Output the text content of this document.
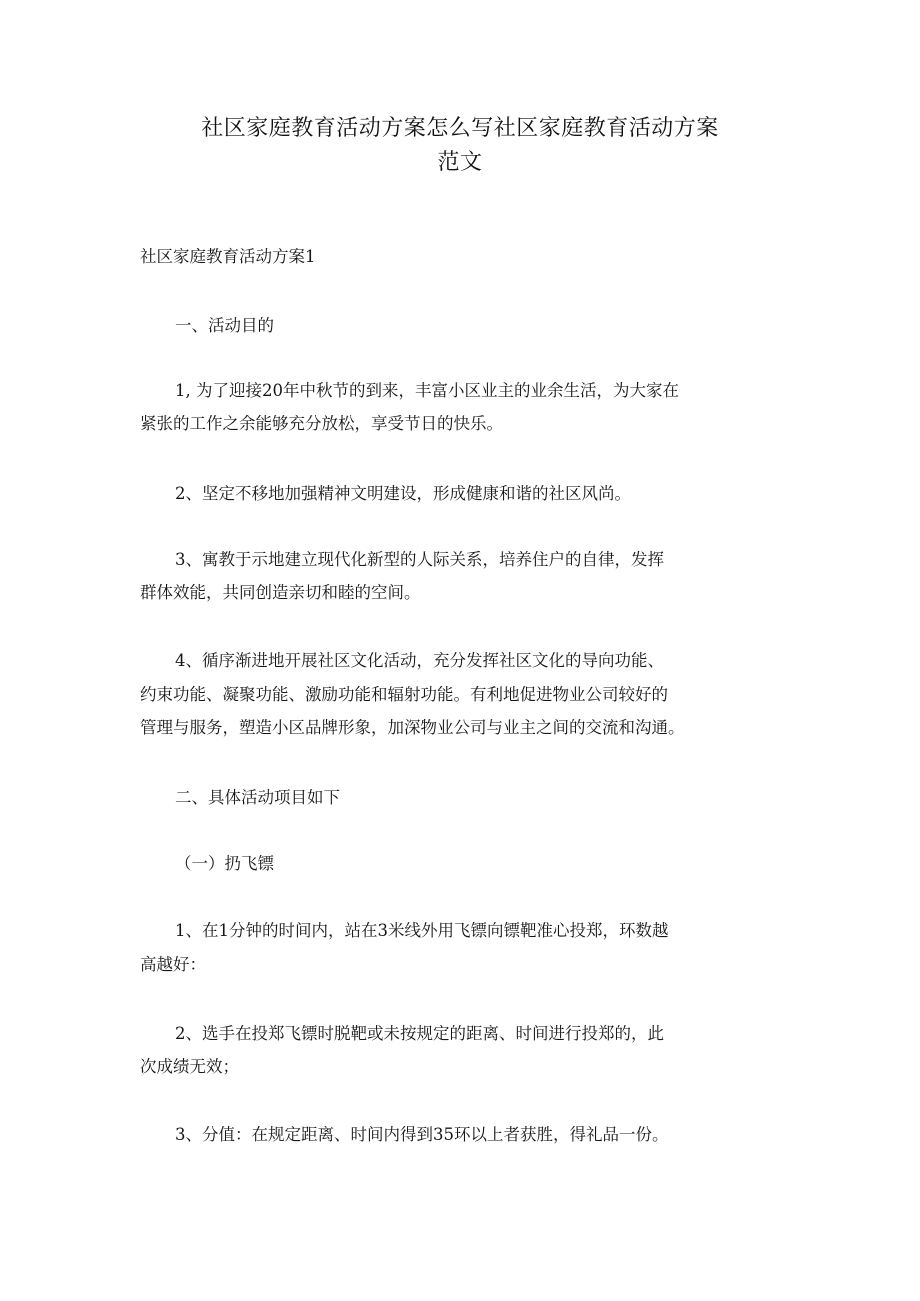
社区家庭教育活动方案怎么写社区家庭教育活动方案
范文

社区家庭教育活动方案1

一、活动目的

1, 为了迎接20年中秋节的到来，丰富小区业主的业余生活，为大家在

紧张的工作之余能够充分放松，享受节日的快乐。

2、坚定不移地加强精神文明建设，形成健康和谐的社区风尚。

3、寓教于示地建立现代化新型的人际关系，培养住户的自律，发挥

群体效能，共同创造亲切和睦的空间。

4、循序渐进地开展社区文化活动，充分发挥社区文化的导向功能、

约束功能、凝聚功能、激励功能和辐射功能。有利地促进物业公司较好的

管理与服务，塑造小区品牌形象，加深物业公司与业主之间的交流和沟通。

二、具体活动项目如下

（一）扔飞镖

1、在1分钟的时间内，站在3米线外用飞镖向镖靶准心投郑，环数越

高越好：

2、选手在投郑飞镖时脱靶或未按规定的距离、时间进行投郑的，此

次成绩无效；

3、分值：在规定距离、时间内得到35环以上者获胜，得礼品一份。
